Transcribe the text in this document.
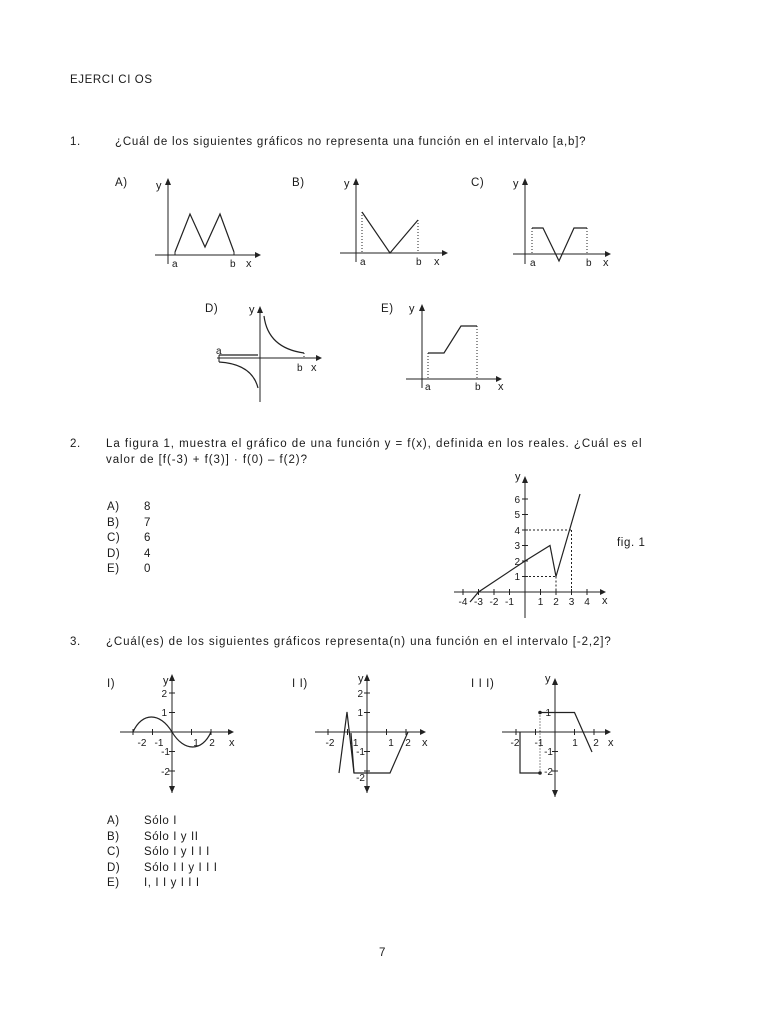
EJERCI CI OS
1.	¿Cuál de los siguientes gráficos no representa una función en el intervalo [a,b]?
A)	y
a	b x
B)	y
a	b x
C)	y
a	b x
D)	y
a
b x
E) y
a	b x
2. La figura 1, muestra el gráfico de una función y = f(x), definida en los reales. ¿Cuál es el
valor de [f(-3) + f(3)] · f(0) – f(2)?
A)	8
B)	7
C)	6
D)	4
E)	0
y
x
1
2
3
4
5
6
-4 -3 -2 -1 1 2 3 4
fig. 1
3. ¿Cuál(es) de los siguientes gráficos representa(n) una función en el intervalo [-2,2]?
I)	y
x
2
1
-1
-2
-2 -1	1 2
I I)	y
x
2
1
-1
-2
-2 -1	1 2
I I I)	y
x
1
-1
-2
-2 -1	1 2
A)	Sólo I
B)	Sólo I y II
C)	Sólo I y I I I
D)	Sólo I I y I I I
E)	I, I I y I I I
7
